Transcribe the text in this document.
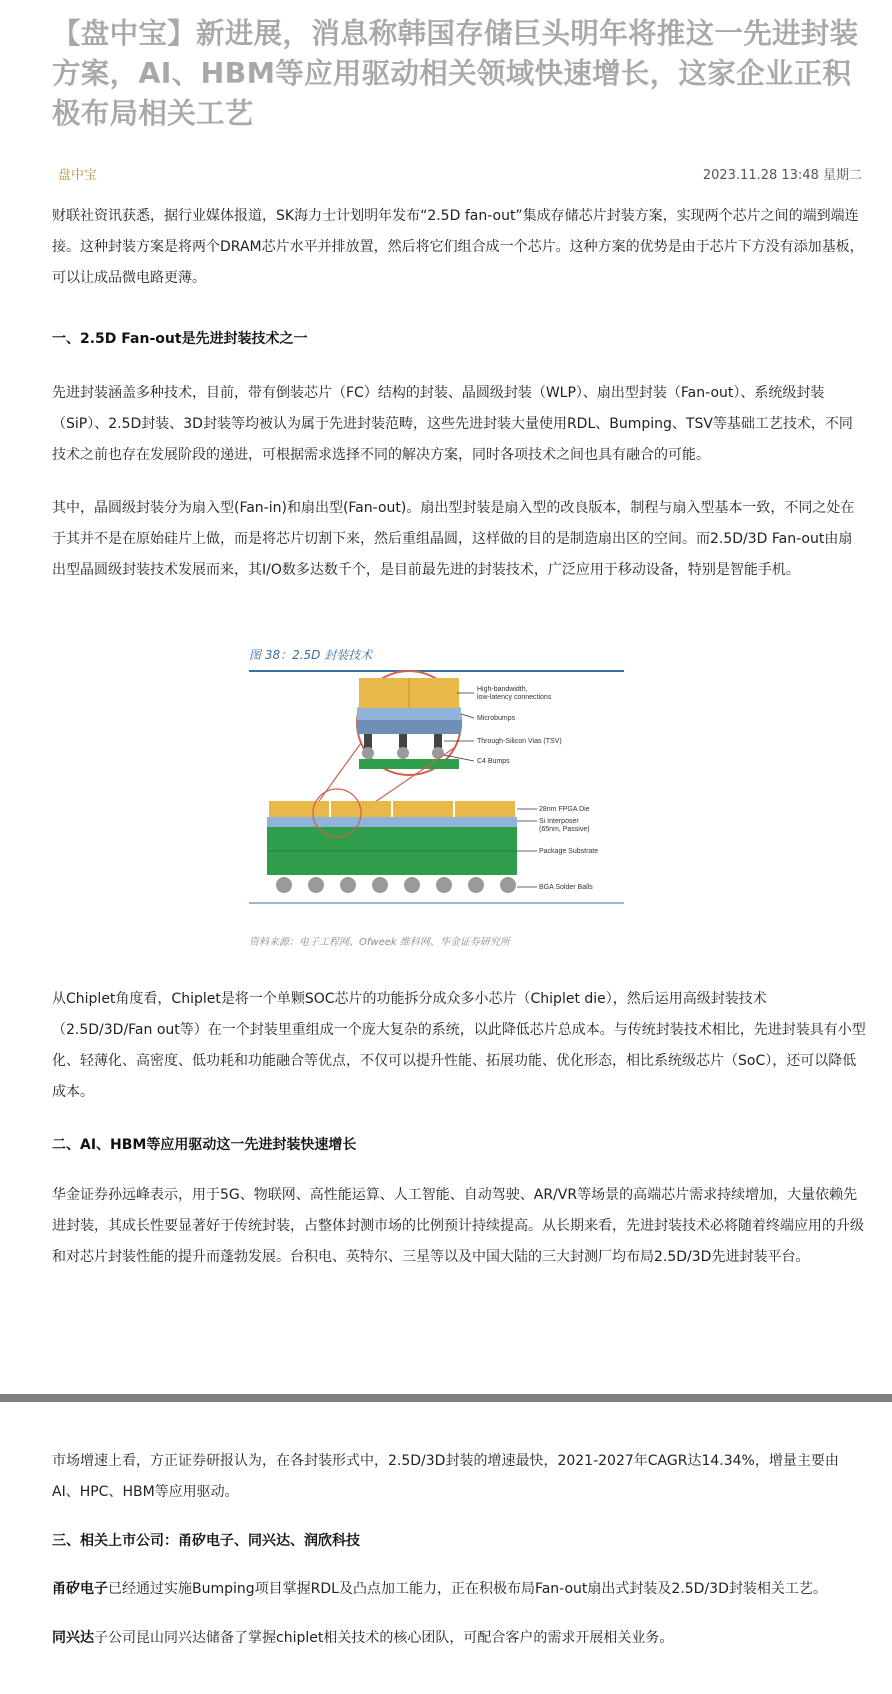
【盘中宝】新进展，消息称韩国存储巨头明年将推这一先进封装方案，AI、HBM等应用驱动相关领域快速增长，这家企业正积极布局相关工艺
盘中宝	2023.11.28 13:48 星期二

财联社资讯获悉，据行业媒体报道，SK海力士计划明年发布“2.5D fan-out”集成存储芯片封装方案，实现两个芯片之间的端到端连接。这种封装方案是将两个DRAM芯片水平并排放置，然后将它们组合成一个芯片。这种方案的优势是由于芯片下方没有添加基板，可以让成品微电路更薄。

一、2.5D Fan-out是先进封装技术之一

先进封装涵盖多种技术，目前，带有倒装芯片（FC）结构的封装、晶圆级封装（WLP）、扇出型封装（Fan-out）、系统级封装（SiP）、2.5D封装、3D封装等均被认为属于先进封装范畴，这些先进封装大量使用RDL、Bumping、TSV等基础工艺技术，不同技术之前也存在发展阶段的递进，可根据需求选择不同的解决方案，同时各项技术之间也具有融合的可能。

其中，晶圆级封装分为扇入型(Fan-in)和扇出型(Fan-out)。扇出型封装是扇入型的改良版本，制程与扇入型基本一致，不同之处在于其并不是在原始硅片上做，而是将芯片切割下来，然后重组晶圆，这样做的目的是制造扇出区的空间。而2.5D/3D Fan-out由扇出型晶圆级封装技术发展而来，其I/O数多达数千个，是目前最先进的封装技术，广泛应用于移动设备，特别是智能手机。

图 38：2.5D 封装技术
High-bandwidth,
low-latency connections
Microbumps
Through-Silicon Vias (TSV)
C4 Bumps
28nm FPGA Die
Si Interposer
(65nm, Passive)
Package Substrate
BGA Solder Balls
资料来源：电子工程网、Ofweek 维科网、华金证券研究所

从Chiplet角度看，Chiplet是将一个单颗SOC芯片的功能拆分成众多小芯片（Chiplet die），然后运用高级封装技术（2.5D/3D/Fan out等）在一个封装里重组成一个庞大复杂的系统，以此降低芯片总成本。与传统封装技术相比，先进封装具有小型化、轻薄化、高密度、低功耗和功能融合等优点，不仅可以提升性能、拓展功能、优化形态，相比系统级芯片（SoC），还可以降低成本。

二、AI、HBM等应用驱动这一先进封装快速增长

华金证券孙远峰表示，用于5G、物联网、高性能运算、人工智能、自动驾驶、AR/VR等场景的高端芯片需求持续增加，大量依赖先进封装，其成长性要显著好于传统封装，占整体封测市场的比例预计持续提高。从长期来看，先进封装技术必将随着终端应用的升级和对芯片封装性能的提升而蓬勃发展。台积电、英特尔、三星等以及中国大陆的三大封测厂均布局2.5D/3D先进封装平台。

市场增速上看，方正证券研报认为，在各封装形式中，2.5D/3D封装的增速最快，2021-2027年CAGR达14.34%，增量主要由AI、HPC、HBM等应用驱动。

三、相关上市公司：甬矽电子、同兴达、润欣科技

甬矽电子已经通过实施Bumping项目掌握RDL及凸点加工能力，正在积极布局Fan-out扇出式封装及2.5D/3D封装相关工艺。

同兴达子公司昆山同兴达储备了掌握chiplet相关技术的核心团队，可配合客户的需求开展相关业务。
